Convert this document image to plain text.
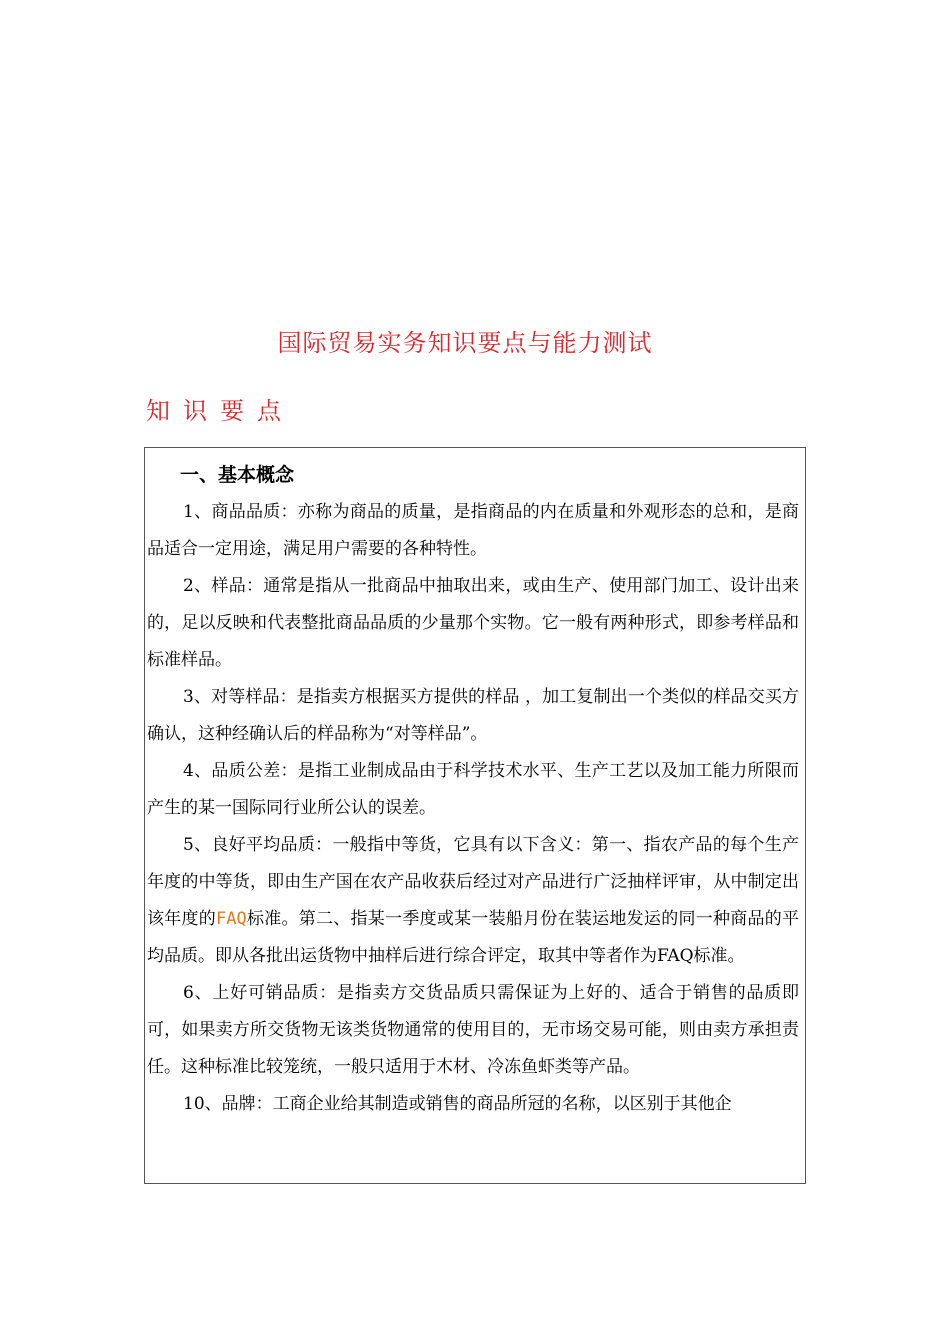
国际贸易实务知识要点与能力测试
知识要点
一、基本概念

1、商品品质：亦称为商品的质量，是指商品的内在质量和外观形态的总和，是商品适合一定用途，满足用户需要的各种特性。

2、样品：通常是指从一批商品中抽取出来，或由生产、使用部门加工、设计出来的，足以反映和代表整批商品品质的少量那个实物。它一般有两种形式，即参考样品和标准样品。

3、对等样品：是指卖方根据买方提供的样品 ，加工复制出一个类似的样品交买方确认，这种经确认后的样品称为“对等样品”。

4、品质公差：是指工业制成品由于科学技术水平、生产工艺以及加工能力所限而产生的某一国际同行业所公认的误差。

5、良好平均品质：一般指中等货，它具有以下含义：第一、指农产品的每个生产年度的中等货，即由生产国在农产品收获后经过对产品进行广泛抽样评审，从中制定出该年度的FAQ标准。第二、指某一季度或某一装船月份在装运地发运的同一种商品的平均品质。即从各批出运货物中抽样后进行综合评定，取其中等者作为FAQ标准。

6、上好可销品质：是指卖方交货品质只需保证为上好的、适合于销售的品质即可，如果卖方所交货物无该类货物通常的使用目的，无市场交易可能，则由卖方承担责任。这种标准比较笼统，一般只适用于木材、冷冻鱼虾类等产品。

10、品牌：工商企业给其制造或销售的商品所冠的名称，以区别于其他企
